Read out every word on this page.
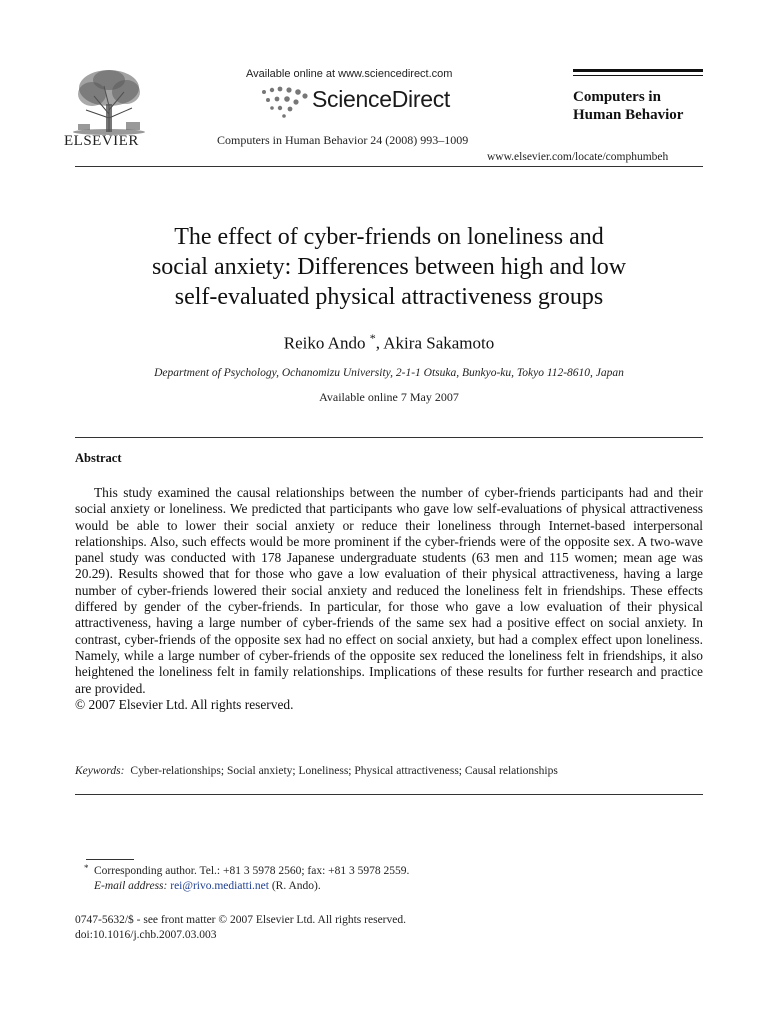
ELSEVIER
Available online at www.sciencedirect.com
ScienceDirect
Computers in Human Behavior 24 (2008) 993–1009
Computers in
Human Behavior
www.elsevier.com/locate/comphumbeh
The effect of cyber-friends on loneliness and
social anxiety: Differences between high and low
self-evaluated physical attractiveness groups
Reiko Ando *, Akira Sakamoto
Department of Psychology, Ochanomizu University, 2-1-1 Otsuka, Bunkyo-ku, Tokyo 112-8610, Japan
Available online 7 May 2007
Abstract

This study examined the causal relationships between the number of cyber-friends participants had and their social anxiety or loneliness. We predicted that participants who gave low self-evaluations of physical attractiveness would be able to lower their social anxiety or reduce their loneliness through Internet-based interpersonal relationships. Also, such effects would be more prominent if the cyber-friends were of the opposite sex. A two-wave panel study was conducted with 178 Japanese undergraduate students (63 men and 115 women; mean age was 20.29). Results showed that for those who gave a low evaluation of their physical attractiveness, having a large number of cyber-friends lowered their social anxiety and reduced the loneliness felt in friendships. These effects differed by gender of the cyber-friends. In particular, for those who gave a low evaluation of their physical attractiveness, having a large number of cyber-friends of the same sex had a positive effect on social anxiety. In contrast, cyber-friends of the opposite sex had no effect on social anxiety, but had a complex effect upon loneliness. Namely, while a large number of cyber-friends of the opposite sex reduced the loneliness felt in friendships, it also heightened the loneliness felt in family relationships. Implications of these results for further research and practice are provided.

© 2007 Elsevier Ltd. All rights reserved.
Keywords: Cyber-relationships; Social anxiety; Loneliness; Physical attractiveness; Causal relationships
* Corresponding author. Tel.: +81 3 5978 2560; fax: +81 3 5978 2559.
E-mail address: rei@rivo.mediatti.net (R. Ando).
0747-5632/$ - see front matter © 2007 Elsevier Ltd. All rights reserved.
doi:10.1016/j.chb.2007.03.003
